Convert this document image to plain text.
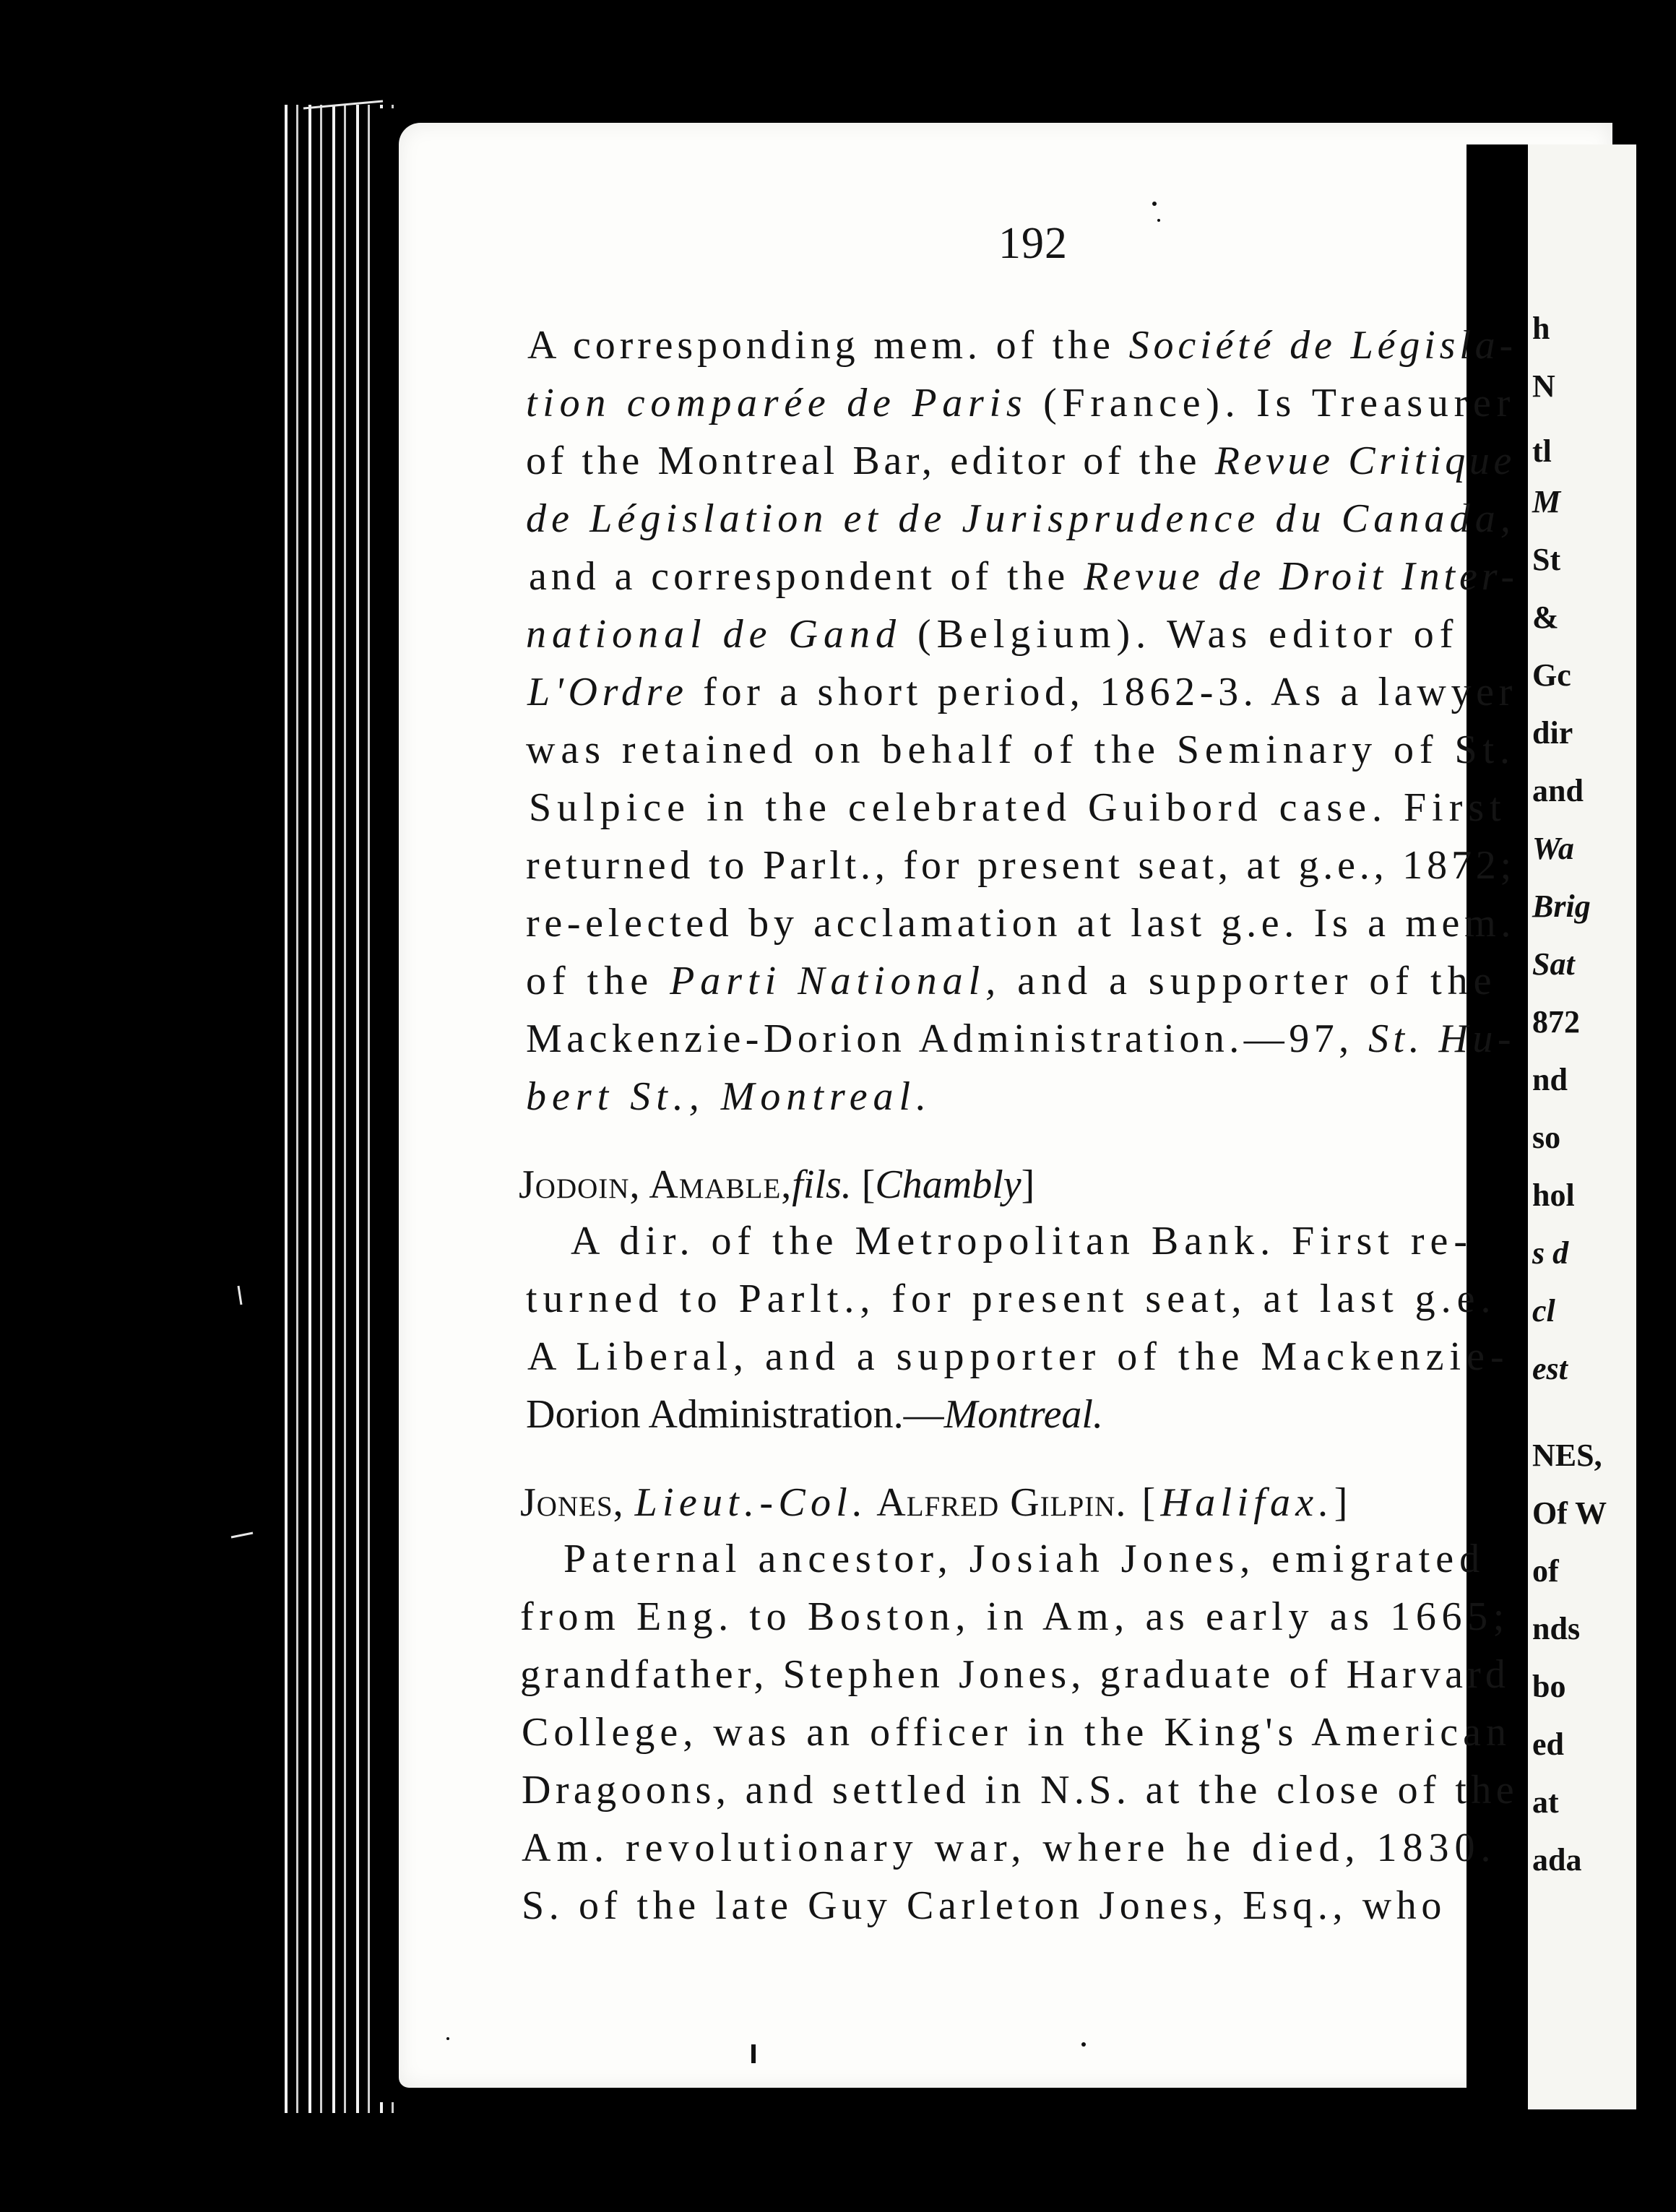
h
N
tl
M
St
&
Gc
dir
and
Wa
Brig
Sat
872
nd
so
hol
s d
cl
est
NES,
Of W
of
nds
bo
ed
at
ada
192
A corresponding mem. of the Société de Législa-
tion comparée de Paris (France). Is Treasurer
of the Montreal Bar, editor of the Revue Critique
de Législation et de Jurisprudence du Canada,
and a correspondent of the Revue de Droit Inter-
national de Gand (Belgium). Was editor of
L'Ordre for a short period, 1862-3. As a lawyer
was retained on behalf of the Seminary of St.
Sulpice in the celebrated Guibord case. First
returned to Parlt., for present seat, at g.e., 1872;
re-elected by acclamation at last g.e. Is a mem.
of the Parti National, and a supporter of the
Mackenzie-Dorion Administration.—97, St. Hu-
bert St., Montreal.
Jodoin, Amable,fils. [Chambly]
A dir. of the Metropolitan Bank. First re-
turned to Parlt., for present seat, at last g.e.
A Liberal, and a supporter of the Mackenzie-
Dorion Administration.—Montreal.
Jones, Lieut.-Col. Alfred Gilpin. [Halifax.]
Paternal ancestor, Josiah Jones, emigrated
from Eng. to Boston, in Am, as early as 1665;
grandfather, Stephen Jones, graduate of Harvard
College, was an officer in the King's American
Dragoons, and settled in N.S. at the close of the
Am. revolutionary war, where he died, 1830.
S. of the late Guy Carleton Jones, Esq., who
